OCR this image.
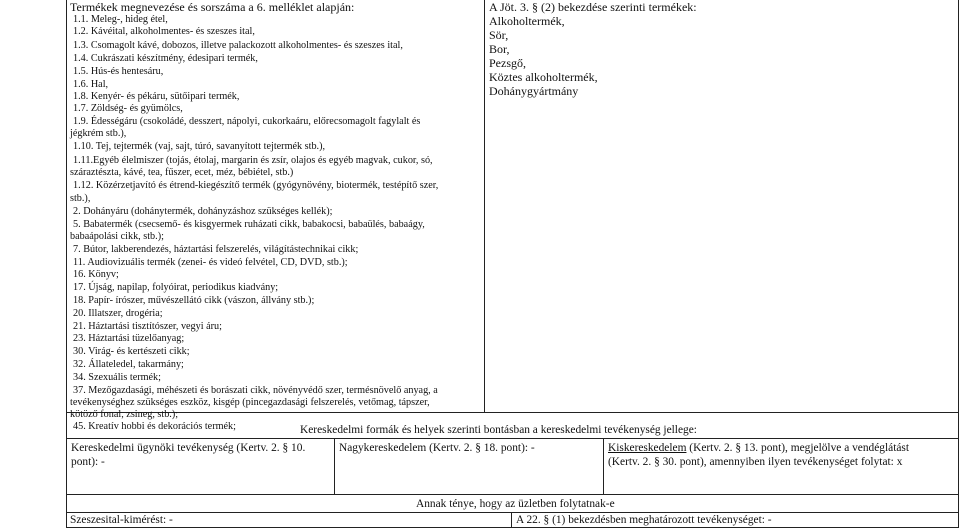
Termékek megnevezése és sorszáma a 6. melléklet alapján:
1.1. Meleg-, hideg étel,
1.2. Kávéital, alkoholmentes- és szeszes ital,
1.3. Csomagolt kávé, dobozos, illetve palackozott alkoholmentes- és szeszes ital,
1.4. Cukrászati készítmény, édesipari termék,
1.5. Hús-és hentesáru,
1.6. Hal,
1.8. Kenyér- és pékáru, sütőipari termék,
1.7. Zöldség- és gyümölcs,
1.9. Édességáru (csokoládé, desszert, nápolyi, cukorkaáru, előrecsomagolt fagylalt és
jégkrém stb.),
1.10. Tej, tejtermék (vaj, sajt, túró, savanyított tejtermék stb.),
1.11.Egyéb élelmiszer (tojás, étolaj, margarin és zsír, olajos és egyéb magvak, cukor, só,
száraztészta, kávé, tea, fűszer, ecet, méz, bébiétel, stb.)
1.12. Közérzetjavító és étrend-kiegészítő termék (gyógynövény, biotermék, testépítő szer,
stb.),
2. Dohányáru (dohánytermék, dohányzáshoz szükséges kellék);
5. Babatermék (csecsemő- és kisgyermek ruházati cikk, babakocsi, babaülés, babaágy,
babaápolási cikk, stb.);
7. Bútor, lakberendezés, háztartási felszerelés, világítástechnikai cikk;
11. Audiovizuális termék (zenei- és videó felvétel, CD, DVD, stb.);
16. Könyv;
17. Újság, napilap, folyóirat, periodikus kiadvány;
18. Papír- írószer, művészellátó cikk (vászon, állvány stb.);
20. Illatszer, drogéria;
21. Háztartási tisztítószer, vegyi áru;
23. Háztartási tüzelőanyag;
30. Virág- és kertészeti cikk;
32. Állateledel, takarmány;
34. Szexuális termék;
37. Mezőgazdasági, méhészeti és borászati cikk, növényvédő szer, termésnövelő anyag, a
tevékenységhez szükséges eszköz, kisgép (pincegazdasági felszerelés, vetőmag, tápszer,
kötöző fonal, zsineg, stb.);
45. Kreatív hobbi és dekorációs termék;
A Jöt. 3. § (2) bekezdése szerinti termékek:
Alkoholtermék,
Sör,
Bor,
Pezsgő,
Köztes alkoholtermék,
Dohánygyártmány
Kereskedelmi formák és helyek szerinti bontásban a kereskedelmi tevékenység jellege:
Kereskedelmi ügynöki tevékenység (Kertv. 2. § 10.
pont): -
Nagykereskedelem (Kertv. 2. § 18. pont): -	Kiskereskedelem (Kertv. 2. § 13. pont), megjelölve a vendéglátást
(Kertv. 2. § 30. pont), amennyiben ilyen tevékenységet folytat: x
Annak ténye, hogy az üzletben folytatnak-e
Szeszesital-kimérést: -	A 22. § (1) bekezdésben meghatározott tevékenységet: -
